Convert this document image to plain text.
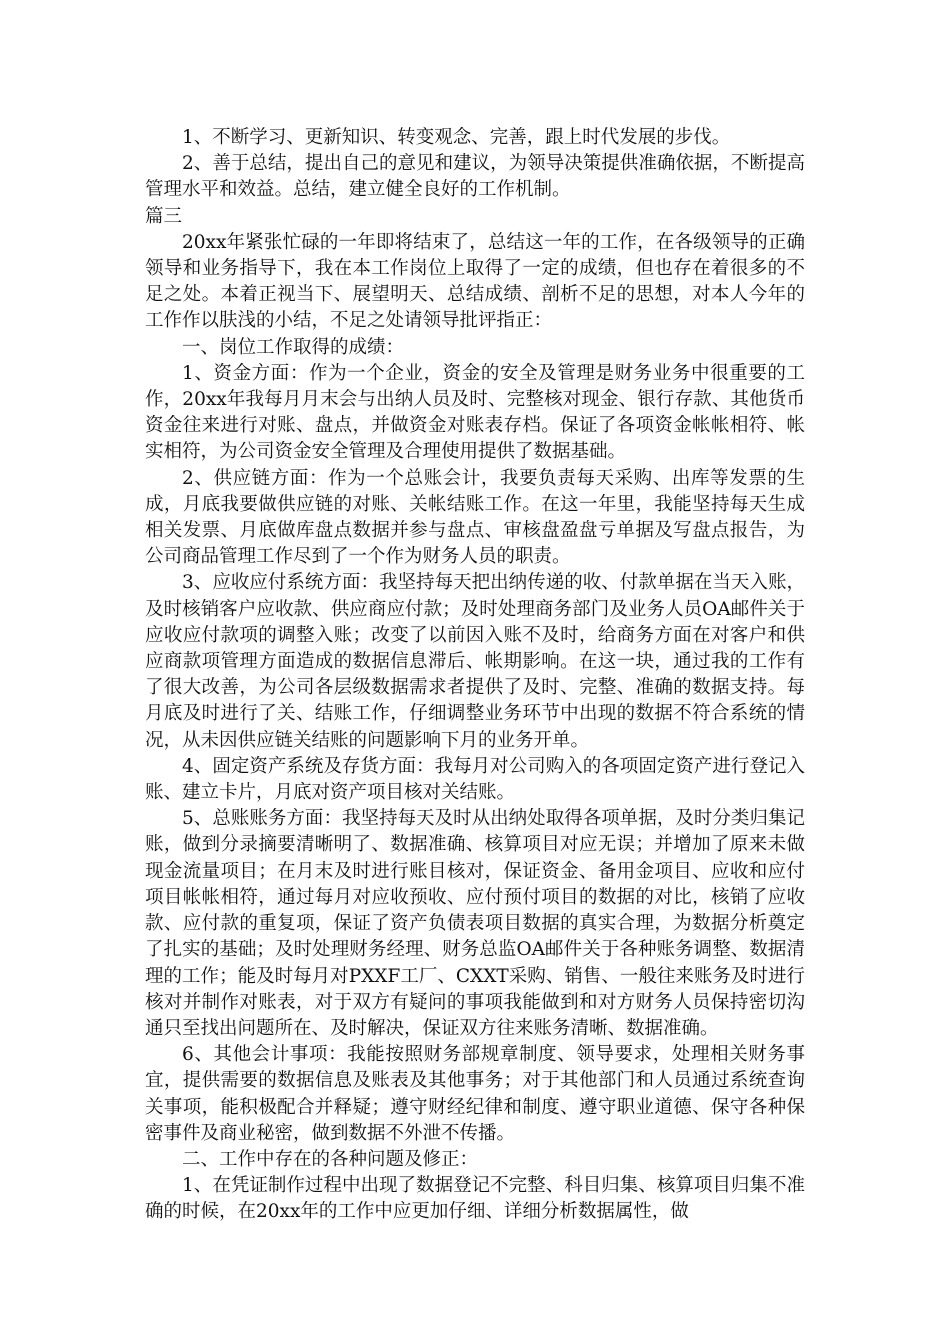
1、不断学习、更新知识、转变观念、完善，跟上时代发展的步伐。

2、善于总结，提出自己的意见和建议，为领导决策提供准确依据，不断提高管理水平和效益。总结，建立健全良好的工作机制。

篇三

20xx年紧张忙碌的一年即将结束了，总结这一年的工作，在各级领导的正确领导和业务指导下，我在本工作岗位上取得了一定的成绩，但也存在着很多的不足之处。本着正视当下、展望明天、总结成绩、剖析不足的思想，对本人今年的工作作以肤浅的小结，不足之处请领导批评指正：

一、岗位工作取得的成绩：

1、资金方面：作为一个企业，资金的安全及管理是财务业务中很重要的工作，20xx年我每月月末会与出纳人员及时、完整核对现金、银行存款、其他货币资金往来进行对账、盘点，并做资金对账表存档。保证了各项资金帐帐相符、帐实相符，为公司资金安全管理及合理使用提供了数据基础。

2、供应链方面：作为一个总账会计，我要负责每天采购、出库等发票的生成，月底我要做供应链的对账、关帐结账工作。在这一年里，我能坚持每天生成相关发票、月底做库盘点数据并参与盘点、审核盘盈盘亏单据及写盘点报告，为公司商品管理工作尽到了一个作为财务人员的职责。

3、应收应付系统方面：我坚持每天把出纳传递的收、付款单据在当天入账，及时核销客户应收款、供应商应付款；及时处理商务部门及业务人员OA邮件关于应收应付款项的调整入账；改变了以前因入账不及时，给商务方面在对客户和供应商款项管理方面造成的数据信息滞后、帐期影响。在这一块，通过我的工作有了很大改善，为公司各层级数据需求者提供了及时、完整、准确的数据支持。每月底及时进行了关、结账工作，仔细调整业务环节中出现的数据不符合系统的情况，从未因供应链关结账的问题影响下月的业务开单。

4、固定资产系统及存货方面：我每月对公司购入的各项固定资产进行登记入账、建立卡片，月底对资产项目核对关结账。

5、总账账务方面：我坚持每天及时从出纳处取得各项单据，及时分类归集记账，做到分录摘要清晰明了、数据准确、核算项目对应无误；并增加了原来未做现金流量项目；在月末及时进行账目核对，保证资金、备用金项目、应收和应付项目帐帐相符，通过每月对应收预收、应付预付项目的数据的对比，核销了应收款、应付款的重复项，保证了资产负债表项目数据的真实合理，为数据分析奠定了扎实的基础；及时处理财务经理、财务总监OA邮件关于各种账务调整、数据清理的工作；能及时每月对PXXF工厂、CXXT采购、销售、一般往来账务及时进行核对并制作对账表，对于双方有疑问的事项我能做到和对方财务人员保持密切沟通只至找出问题所在、及时解决，保证双方往来账务清晰、数据准确。

6、其他会计事项：我能按照财务部规章制度、领导要求，处理相关财务事宜，提供需要的数据信息及账表及其他事务；对于其他部门和人员通过系统查询关事项，能积极配合并释疑；遵守财经纪律和制度、遵守职业道德、保守各种保密事件及商业秘密，做到数据不外泄不传播。

二、工作中存在的各种问题及修正：

1、在凭证制作过程中出现了数据登记不完整、科目归集、核算项目归集不准确的时候，在20xx年的工作中应更加仔细、详细分析数据属性，做
